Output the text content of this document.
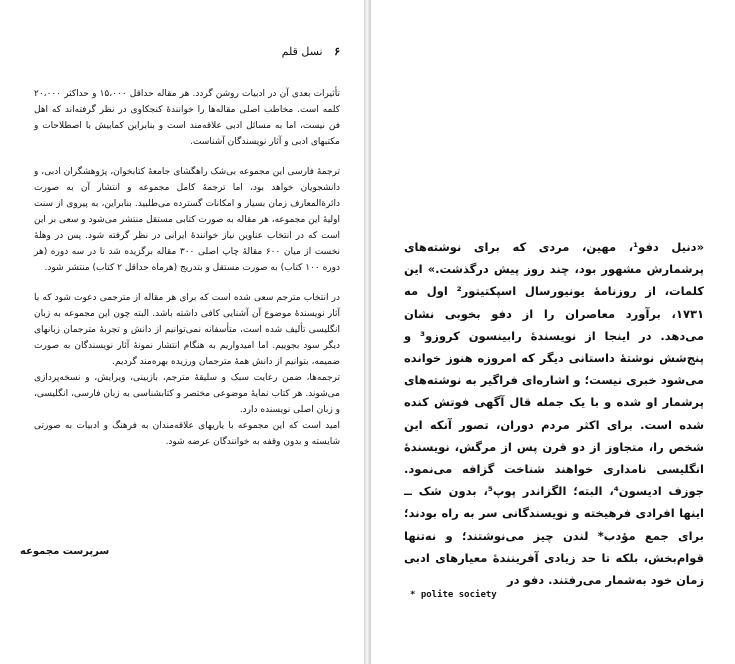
۶ نسل قلم

تأثیرات بعدی آن در ادبیات روشن گردد. هر مقاله حداقل ۱۵،۰۰۰ و حداکثر ۲۰،۰۰۰ کلمه است. مخاطب اصلی مقاله‌ها را خوانندهٔ کنجکاوی در نظر گرفته‌اند که اهل فن نیست، اما به مسائل ادبی علاقه‌مند است و بنابراین کمابیش با اصطلاحات و مکتبهای ادبی و آثار نویسندگان آشناست.

ترجمهٔ فارسی این مجموعه بی‌شک راهگشای جامعهٔ کتابخوان، پژوهشگران ادبی، و دانشجویان خواهد بود، اما ترجمهٔ کامل مجموعه و انتشار آن به صورت دائرةالمعارف زمان بسیار و امکانات گسترده می‌طلبید. بنابراین، به پیروی از سنت اولیهٔ این مجموعه، هر مقاله به صورت کتابی مستقل منتشر می‌شود و سعی بر این است که در انتخاب عناوین نیاز خوانندهٔ ایرانی در نظر گرفته شود. پس در وهلهٔ نخست از میان ۶۰۰ مقالهٔ چاپ اصلی ۳۰۰ مقاله برگزیده شد تا در سه دوره (هر دوره ۱۰۰ کتاب) به صورت مستقل و بتدریج (هرماه حداقل ۲ کتاب) منتشر شود.

در انتخاب مترجم سعی شده است که برای هر مقاله از مترجمی دعوت شود که با آثار نویسندهٔ موضوع آن آشنایی کافی داشته باشد. البته چون این مجموعه به زبان انگلیسی تألیف شده است، متأسفانه نمی‌توانیم از دانش و تجربهٔ مترجمان زبانهای دیگر سود بجوییم. اما امیدواریم به هنگام انتشار نمونهٔ آثار نویسندگان به صورت ضمیمه، بتوانیم از دانش همهٔ مترجمان ورزیده بهره‌مند گردیم.

ترجمه‌ها، ضمن رعایت سبک و سلیقهٔ مترجم، بازبینی، ویرایش، و نسخه‌پردازی می‌شوند. هر کتاب نمایهٔ موضوعی مختصر و کتابشناسی به زبان فارسی، انگلیسی، و زبان اصلی نویسنده دارد.

امید است که این مجموعه با یاریهای علاقه‌مندان به فرهنگ و ادبیات به صورتی شایسته و بدون وقفه به خوانندگان عرضه شود.

سرپرست مجموعه

«دنیل دفو¹، مهین، مردی که برای نوشته‌های پرشمارش مشهور بود، چند روز پیش درگذشت.» این کلمات، از روزنامهٔ یونیورسال اسپکتیتور² اول مه ۱۷۳۱، برآورد معاصران را از دفو بخوبی نشان می‌دهد. در اینجا از نویسندهٔ رابینسون کروزو³ و پنج‌شش نوشتهٔ داستانی دیگر که امروزه هنوز خوانده می‌شود خبری نیست؛ و اشاره‌ای فراگیر به نوشته‌های پرشمار او شده و با یک جمله قال آگهی فوتش کنده شده است. برای اکثر مردم دوران، تصور آنکه این شخص را، متجاوز از دو قرن پس از مرگش، نویسندهٔ انگلیسی نامداری خواهند شناخت گزافه می‌نمود. جوزف ادیسون⁴، البته؛ الگزاندر پوپ⁵، بدون شک ــ اینها افرادی فرهیخته و نویسندگانی سر به راه بودند؛ برای جمع مؤدب* لندن چیز می‌نوشتند؛ و نه‌تنها قوام‌بخش، بلکه تا حد زیادی آفرینندهٔ معیارهای ادبی زمان خود به‌شمار می‌رفتند. دفو در

* polite society
